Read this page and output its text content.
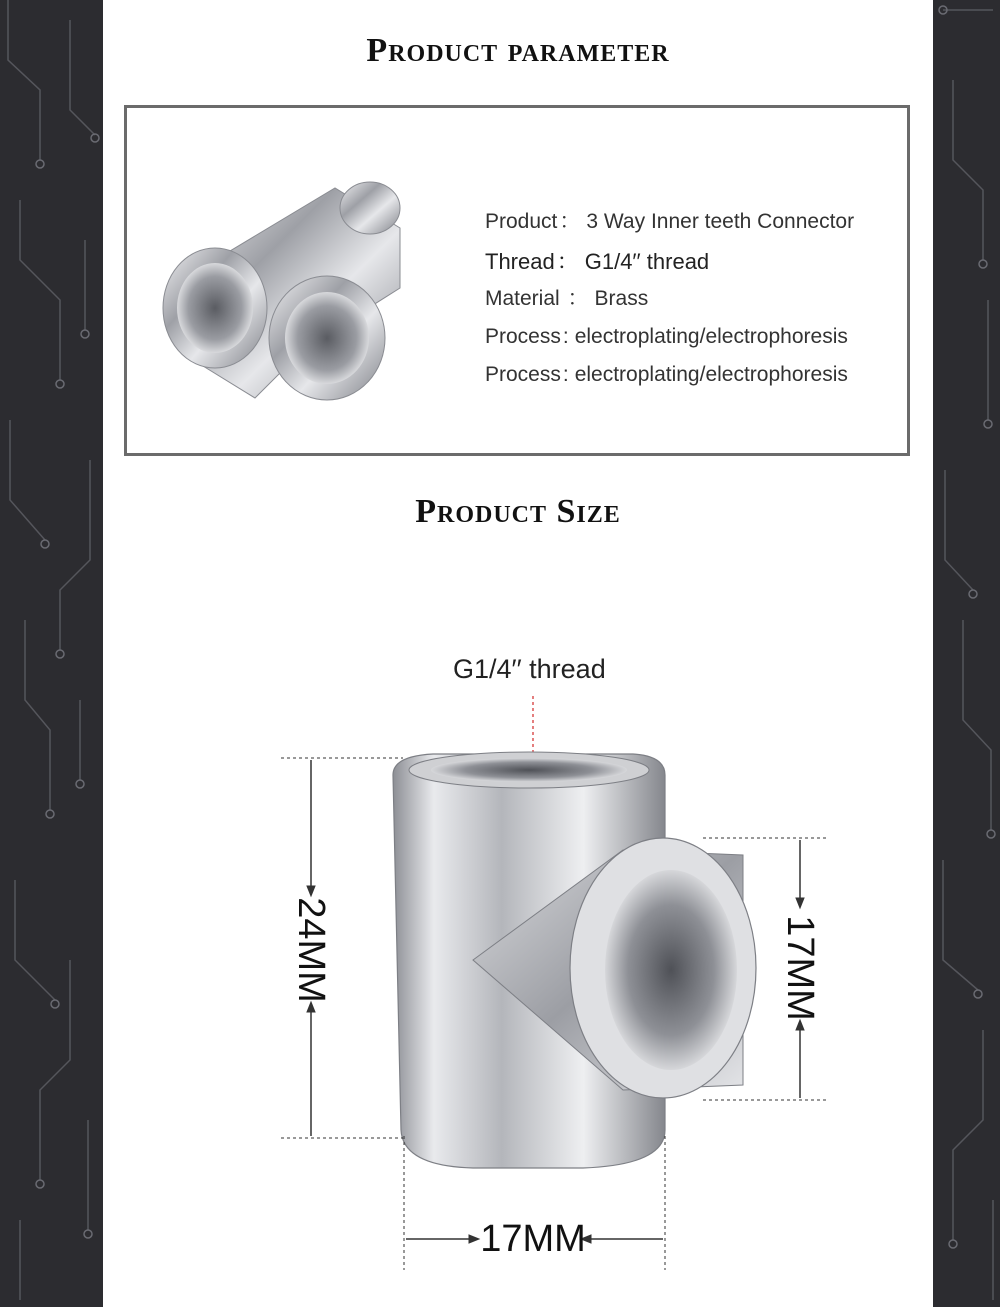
Product parameter
Product： 3 Way Inner teeth Connector
Thread： G1/4′′ thread
Material ： Brass
Process: electroplating/electrophoresis
Process: electroplating/electrophoresis
Product Size
G1/4′′ thread
24MM	17MM
17MM
